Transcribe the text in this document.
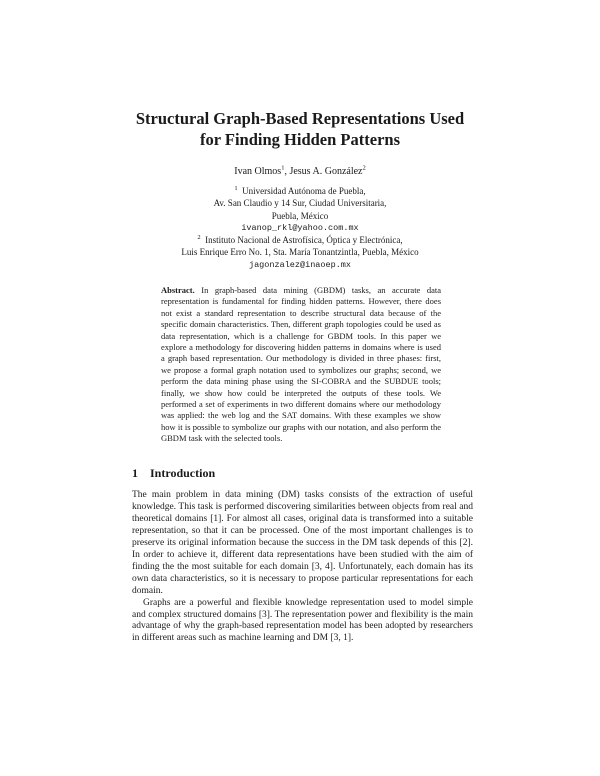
Structural Graph-Based Representations Used
for Finding Hidden Patterns
Ivan Olmos$^1$, Jesus A. González$^2$
$^1$ Universidad Autónoma de Puebla,
Av. San Claudio y 14 Sur, Ciudad Universitaria,
Puebla, México
ivanop_rkl@yahoo.com.mx
$^2$ Instituto Nacional de Astrofísica, Óptica y Electrónica,
Luis Enrique Erro No. 1, Sta. María Tonantzintla, Puebla, México
jagonzalez@inaoep.mx
Abstract. In graph-based data mining (GBDM) tasks, an accurate data representation is fundamental for finding hidden patterns. However, there does not exist a standard representation to describe structural data because of the specific domain characteristics. Then, different graph topologies could be used as data representation, which is a challenge for GBDM tools. In this paper we explore a methodology for discovering hidden patterns in domains where is used a graph based representation. Our methodology is divided in three phases: first, we propose a formal graph notation used to symbolizes our graphs; second, we perform the data mining phase using the SI-COBRA and the SUBDUE tools; finally, we show how could be interpreted the outputs of these tools. We performed a set of experiments in two different domains where our methodology was applied: the web log and the SAT domains. With these examples we show how it is possible to symbolize our graphs with our notation, and also perform the GBDM task with the selected tools.
1 Introduction

The main problem in data mining (DM) tasks consists of the extraction of useful knowledge. This task is performed discovering similarities between objects from real and theoretical domains [1]. For almost all cases, original data is transformed into a suitable representation, so that it can be processed. One of the most important challenges is to preserve its original information because the success in the DM task depends of this [2]. In order to achieve it, different data representations have been studied with the aim of finding the the most suitable for each domain [3, 4]. Unfortunately, each domain has its own data characteristics, so it is necessary to propose particular representations for each domain.

Graphs are a powerful and flexible knowledge representation used to model simple and complex structured domains [3]. The representation power and flexibility is the main advantage of why the graph-based representation model has been adopted by researchers in different areas such as machine learning and DM [3, 1].
